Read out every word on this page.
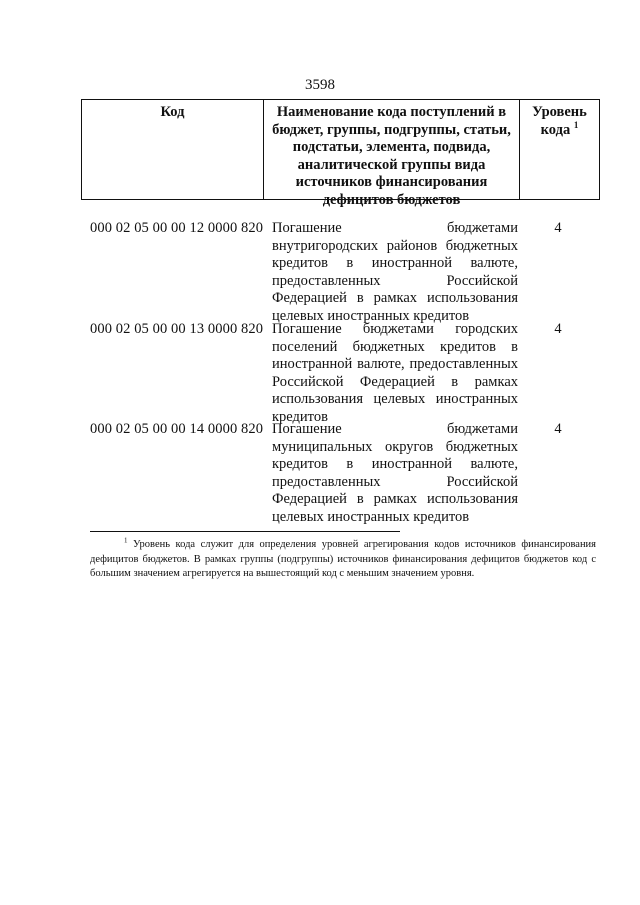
3598
Код	Наименование кода поступлений в бюджет, группы, подгруппы, статьи, подстатьи, элемента, подвида, аналитической группы вида источников финансирования дефицитов бюджетов
Уровень кода $^1$
000 02 05 00 00 12 0000 820 Погашение бюджетами внутригородских районов бюджетных кредитов в иностранной валюте, предоставленных Российской Федерацией в рамках использования целевых иностранных кредитов
4
000 02 05 00 00 13 0000 820 Погашение бюджетами городских поселений бюджетных кредитов в иностранной валюте, предоставленных Российской Федерацией в рамках использования целевых иностранных кредитов
4
000 02 05 00 00 14 0000 820 Погашение бюджетами муниципальных округов бюджетных кредитов в иностранной валюте, предоставленных Российской Федерацией в рамках использования целевых иностранных кредитов
4
$^1$ Уровень кода служит для определения уровней агрегирования кодов источников финансирования дефицитов бюджетов. В рамках группы (подгруппы) источников финансирования дефицитов бюджетов код с большим значением агрегируется на вышестоящий код с меньшим значением уровня.
